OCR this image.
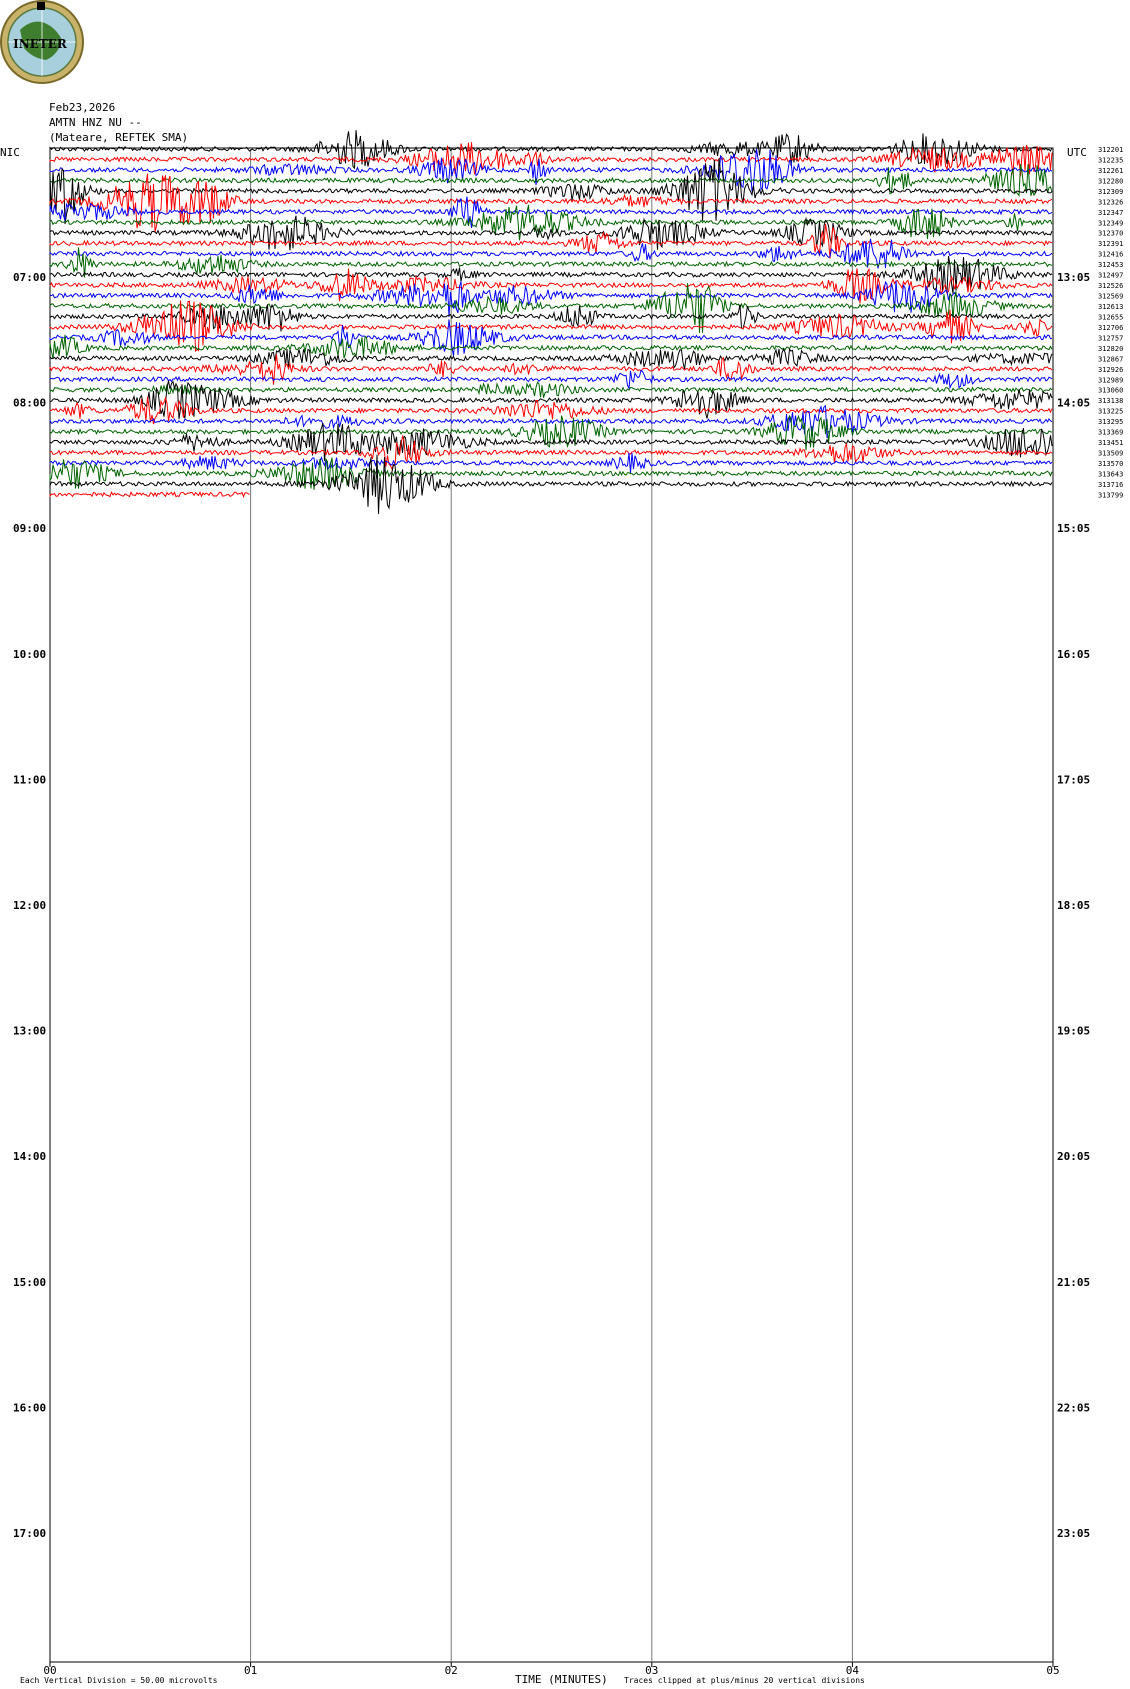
INETER
Feb23,2026
AMTN HNZ NU --
(Mateare, REFTEK SMA)
NIC	UTC
07:00
08:00
09:00
10:00
11:00
12:00
13:00
14:00
15:00
16:00
17:00
13:05
14:05
15:05
16:05
17:05
18:05
19:05
20:05
21:05
22:05
23:05
312201
312235
312261
312280
312309
312326
312347
312349
312370
312391
312416
312453
312497
312526
312569
312613
312655
312706
312757
312820
312867
312926
312989
313060
313138
313225
313295
313369
313451
313509
313570
313643
313716
313799
00	01	02	03	04	05
Each Vertical Division = 50.00 microvolts	TIME (MINUTES) Traces clipped at plus/minus 20 vertical divisions
